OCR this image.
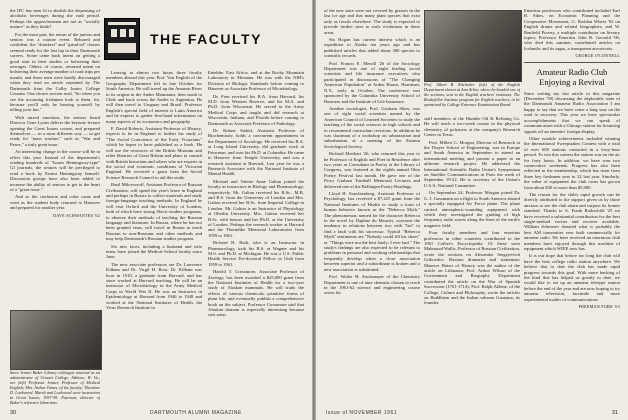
the IFC has seen fit to abolish the dispensing of alcoholic beverages during the rush period. Perhaps the upperclassmen are not as "socially mature" as they think?

For the most part, the return of the juniors and seniors was a routine event. Rebored and confident, the "drunkest" and "grind-ed" classes seemed ready for the last lap in their Dartmouth careers. Some came back intent on getting a good start in their studies or bolstering their averages. Others, of course, returned intent on bolstering their average number of road trips per month, and these men were hardly discouraged when they read an article reprinted by The Dartmouth from the Colby Junior College Courant. One choice section read, "So when you see the incoming freshmen look at them, for, because you'll only be hearing yourself by telling your fun."

With mixed emotions, the seniors heard Director Gene Lyons deliver the keynote lecture opening the Great Issues course, and prepared themselves — in a most different way — to get ready for "mass warfare," such as "War and Peace," a truly great issue.

An interesting change in the course will be in effect this year. Instead of the department's reading hundreds of "Issues Hemingway-type" GI journals, the seniors will be privileged to read a book by Ernest Hemingway himself. Discussion groups have also been added to increase the ability of seniors to get to the heart of a "great issue."

And so the confusion and color came and went as the student body returned to Hanover and prepared for another year.

DAVE SCHWANTES '62
Steve Jenner Baker Library colleague retained as an administrator of Crosset College, Athlone, W. Va., are (left) Professor Jenner, Professor of Medical English; Mrs. Arthur Tomes, of the faculty; Theodore D. Lockwood, Marsh and Lockwood were instructors in Great Issues, 1957-59. Paterson, director of Baker's reference librarians.
THE FACULTY

Leaving at almost two hours three faculty members abroad this year. Prof. Von English of the Geography Department left in late October for South America. He will travel up the Amazon River to its origins in the Andes Mountains, then south to Chile and back across the Andes to Argentina. He will then travel to Uruguay and Brazil. Professor English's special field of interest is Latin America and he expects to gather first-hand information on many aspects of its economics and geography.

F. David Roberts, Assistant Professor of History, expects to be in England to further his study of "The Social Conscience of the Early Victorians" which he hopes to have published as a book. He will use the resources of the British Museum and other libraries of Great Britain and plans to consult with British historians and others who are experts in the social and economic conditions of Victorian England. He received a grant from the Social Science Research Council to aid this study.

Basil Milovsoroff, Assistant Professor of Russian Civilization, will spend the year's leave in England and perhaps in Russia to collect materials and study foreign-language teaching methods. In England he will visit Oxford and the University of London, both of which have strong Slavic-studies programs, to observe their methods of teaching the Russian language and literature. In Russia, where he has not been granted visas, will travel in Russia to teach Russian to non-Russians and other methods and may help Dartmouth's Russian studies program.

Six new faces, including a husband and wife team, have joined the Medical School faculty since June.

The new associate professors are Dr. Lawrence Kilham and Dr. Virgil H. Ross. Dr. Kilham was born in 1910, a graduate from Harvard, and has since worked at Harvard teaching. He will be an instructor of Microbiology in the Army Medical Corps in World War II. He was an Instructor in Epidemiology at Harvard from 1946 to 1948 and worked at the National Institutes of Health, the Virus Research Institute in

Entebbe, East Africa, and at the Rocky Mountain Laboratory in Montana. He was with the NIH's Division of Biologic Standards before coming to Hanover as Associate Professor of Microbiology.

Dr. Fern received his B.A. from Harvard, his M.D. from Western Reserve, and his M.A. and Ph.D. from Wisconsin. He served in the Army Medical Corps and taught and did research at Wisconsin, Indiana, and Florida before coming to Dartmouth as Associate Professor of Pathology.

Dr. Robert Siekid, Assistant Professor of Biochemistry, holds a concurrent appointment in the Department of Sociology. He received his B.A. at Long Island University, did graduate work at Princeton, and won his Ph.D. at Columbia. He came to Hanover from Temple University, and was a research assistant at Harvard. Last year he was a Research Associate with the National Institute of Mental Health.

Michael and Valerie Anne Galton joined the faculty as instructors in Biology and Pharmacology, respectively. Mr. Galton received his B.Sc., M.B. and B.S. from the University of London and Mrs. Galton received her B.Sc. from Imperial College in London. Mr. Galton is an Instructor of Physiology at Oberlin University. Mrs. Galton received her B.Sc. with honors and her Ph.D. at the University of London. Perhaps the research worker at Harvard and the Thorndike Memorial Laboratories from 1959 to 1961.

Richard H. Roth, who is an Instructor in Pharmacology, took his B.S. at Wagner and his M.S. and Ph.D. at Michigan. He was a U.S. Public Health Service Pre-doctoral Fellow in Utah from 1959 to 1961.

Harold T. Crossmore, Associate Professor of Zoology, has been awarded a $25,000 grant from the National Institutes of Health for a two-year study of Alaskan mammals. He will study the effects of various chemicals, primitive forms of plant life, and eventually publish a comprehensive book on the subject. Professor Crossmore said that Alaskan domain is especially interesting because vast areas

30	DARTMOUTH ALUMNI MAGAZINE

of the new state were not covered by grasses in the last ice age and that many plant species that exist only as fossils elsewhere. The study is expected to provide further sites to early evolutions in these areas.

Six Hogan has current interest which is an expedition to Alaska ten years ago and has published articles that added about 300 species to scientific records.

Prof. Francis E. Merrill '26 of the Sociology Department was one of eight leading social scientists and life insurance executives who participated in discussions of "The Changing American Population" at Arden House, Harriman, N.Y., early in October. The conference was sponsored by the Columbia University School of Business and the Institute of Life Insurance.

Another sociologist, Prof. Grisham Sikes, was one of eight social scientists named by the American Council of Learned Societies to study the teaching of the social sciences in high schools and to recommend curriculum revisions. In addition he was chairman of a workshop on urbanization and suburbanism at a meeting of the Eastern Sociological Society.

Richard Eberhart '26, who returned this year to be Professor of English and Poet in Residence after two years as Consultant in Poetry at the Library of Congress, was featured at the eighth annual Ohio Poetry Festival last month. He gave one of the Percy Graham Turnbull Memorial Lectures and delivered one of the Bollingen Poetry Readings.

Lloyd H. Sonchtenberg, Assistant Professor of Psychology, has received a $7,225 grant from the National Institutes of Health to study a form of human behavior known as the "Rebecca Myth." The phenomenon, named for the character Rebecca in the novel by Daphne du Maurier, concerns the tendency in relations between two with "her" to find a fault with his successor. Typical "Rebecca Myth" sentiments are "Nobody could fill his shoes" or "Things were not the best lately; I ever had." The study's findings are also expected to be relevant to problems in personal and working relationships that frequently develop when a close association between superior and a subordinate is broken and a new association is substituted.

Prof. Walter H. Stockmayer of the Chemistry Department is one of nine chemists chosen to teach in the 1961-62 science and engineering course series for

Prof. Albert B. Kitchaber (left) of the English Department shown at Ann Arbor, where he headed one of the sections, sent to the English teachers' institutes. The Rockefeller Institute program for English teachers, to be sponsored by College Entrance Examination Board.

staff members of the Humble Oil & Refining Co. He will teach a two-week course in the physical chemistry of polymers at the company's Research Center in Texas.

Prof. Millett G. Morgan, Director of Research at the Thayer School of Engineering, was in Europe and South America in September to attend an international meeting and present a paper to an airborne research project. He addressed the International Scientific Radio Union's Symposium on Satellite Communications in Paris the week of September 19-22. He is secretary of the Union's U.S.A. National Committee.

On September 24, Professor Morgan joined Dr. G. J. Gassmann on a flight to South America aboard a specially equipped Air Force plane. The plane carried atmospheric-sounding equipment with which they investigated the guiding of high frequency radio waves along the lines of the earth's magnetic field.

Four faculty members and four emeritus professors in other countries contributed to the 1961 Collier's Encyclopedia. Of these were Mahmoud Wallis, Professor of Russian Civilization, wrote the sections on Alexander Sergeyevich Griboedov, Russian dramatist and statesman; Maurice Hatori of History was the author of the article on Lithuania; Prof. Arthur Wilson of the Government and Biography Department contributed the article on the War of Spanish Succession (1701-1714); Prof. Ralph Aldene, of the College, Culture and Philosophy, wrote the articles on Buddhism and the Indian sabaran Gautama, its founder.

Emeritus professors who contributed included Earl R. Sikes, on Economic Planning and the Cooperative Movement; G. Roddan Wheer '02 on English drama and related biographies, and W. Benfield Provey, a multiple contributor on literary topics; Professor Emeritus John R. Gerould '06, who died this summer, contributed articles on Icelandic and its sagas, a transparent arrowroots.

GEORGE O'CONNELL
Amateur Radio Club Enjoying a Revival

Since writing my last article in this magazine (December '59) discussing the deplorable state of the Dartmouth Amateur Radio Association I am happy to say that we have come a long way on the road to recovery. This year we have spectacular accomplishments that we can speak of communication with a Chicago station for bouncing signals off an enemies' foreign display.

Other notable achievements included winning the International Sweepstakes Contest with a total of over 600 stations contacted in a forty-hour period. To win this contest the station was on the air for forty hours. In addition, we have won two consecutive weekends. Progress has also been reflected in the membership, which has risen from three key freshmen year to 22 last year. Similarly, the value of equipment the club owns has grown from about $30 to more than $5,000.

The reason for the club's rapid growth can be directly attributed to the support given us by those anxious to see the club attain and surpass its former standard. Thanks to A. Frank Rothschild '25 we have received a substantial contribution for the best single-method exciter and receiver available. William Schmerer donated what is probably the best AM transmitter ever built commercially for amateur radio. We have received an enormous club members have enjoyed through this machine of equipment which WIEE now has.

It is our hope that before too long the club will have the best college radio station anywhere. We believe that to date the club has made rapid progress towards this goal. With more backing of the kind that has helped us greatly to date, we would like to set up an amateur teletype station before the end of the year and are now hoping to try amateur television, facsimile and more experimental modes of communications.

FREEMAN FORK '63
Issue of NOVEMBER 1961	31
